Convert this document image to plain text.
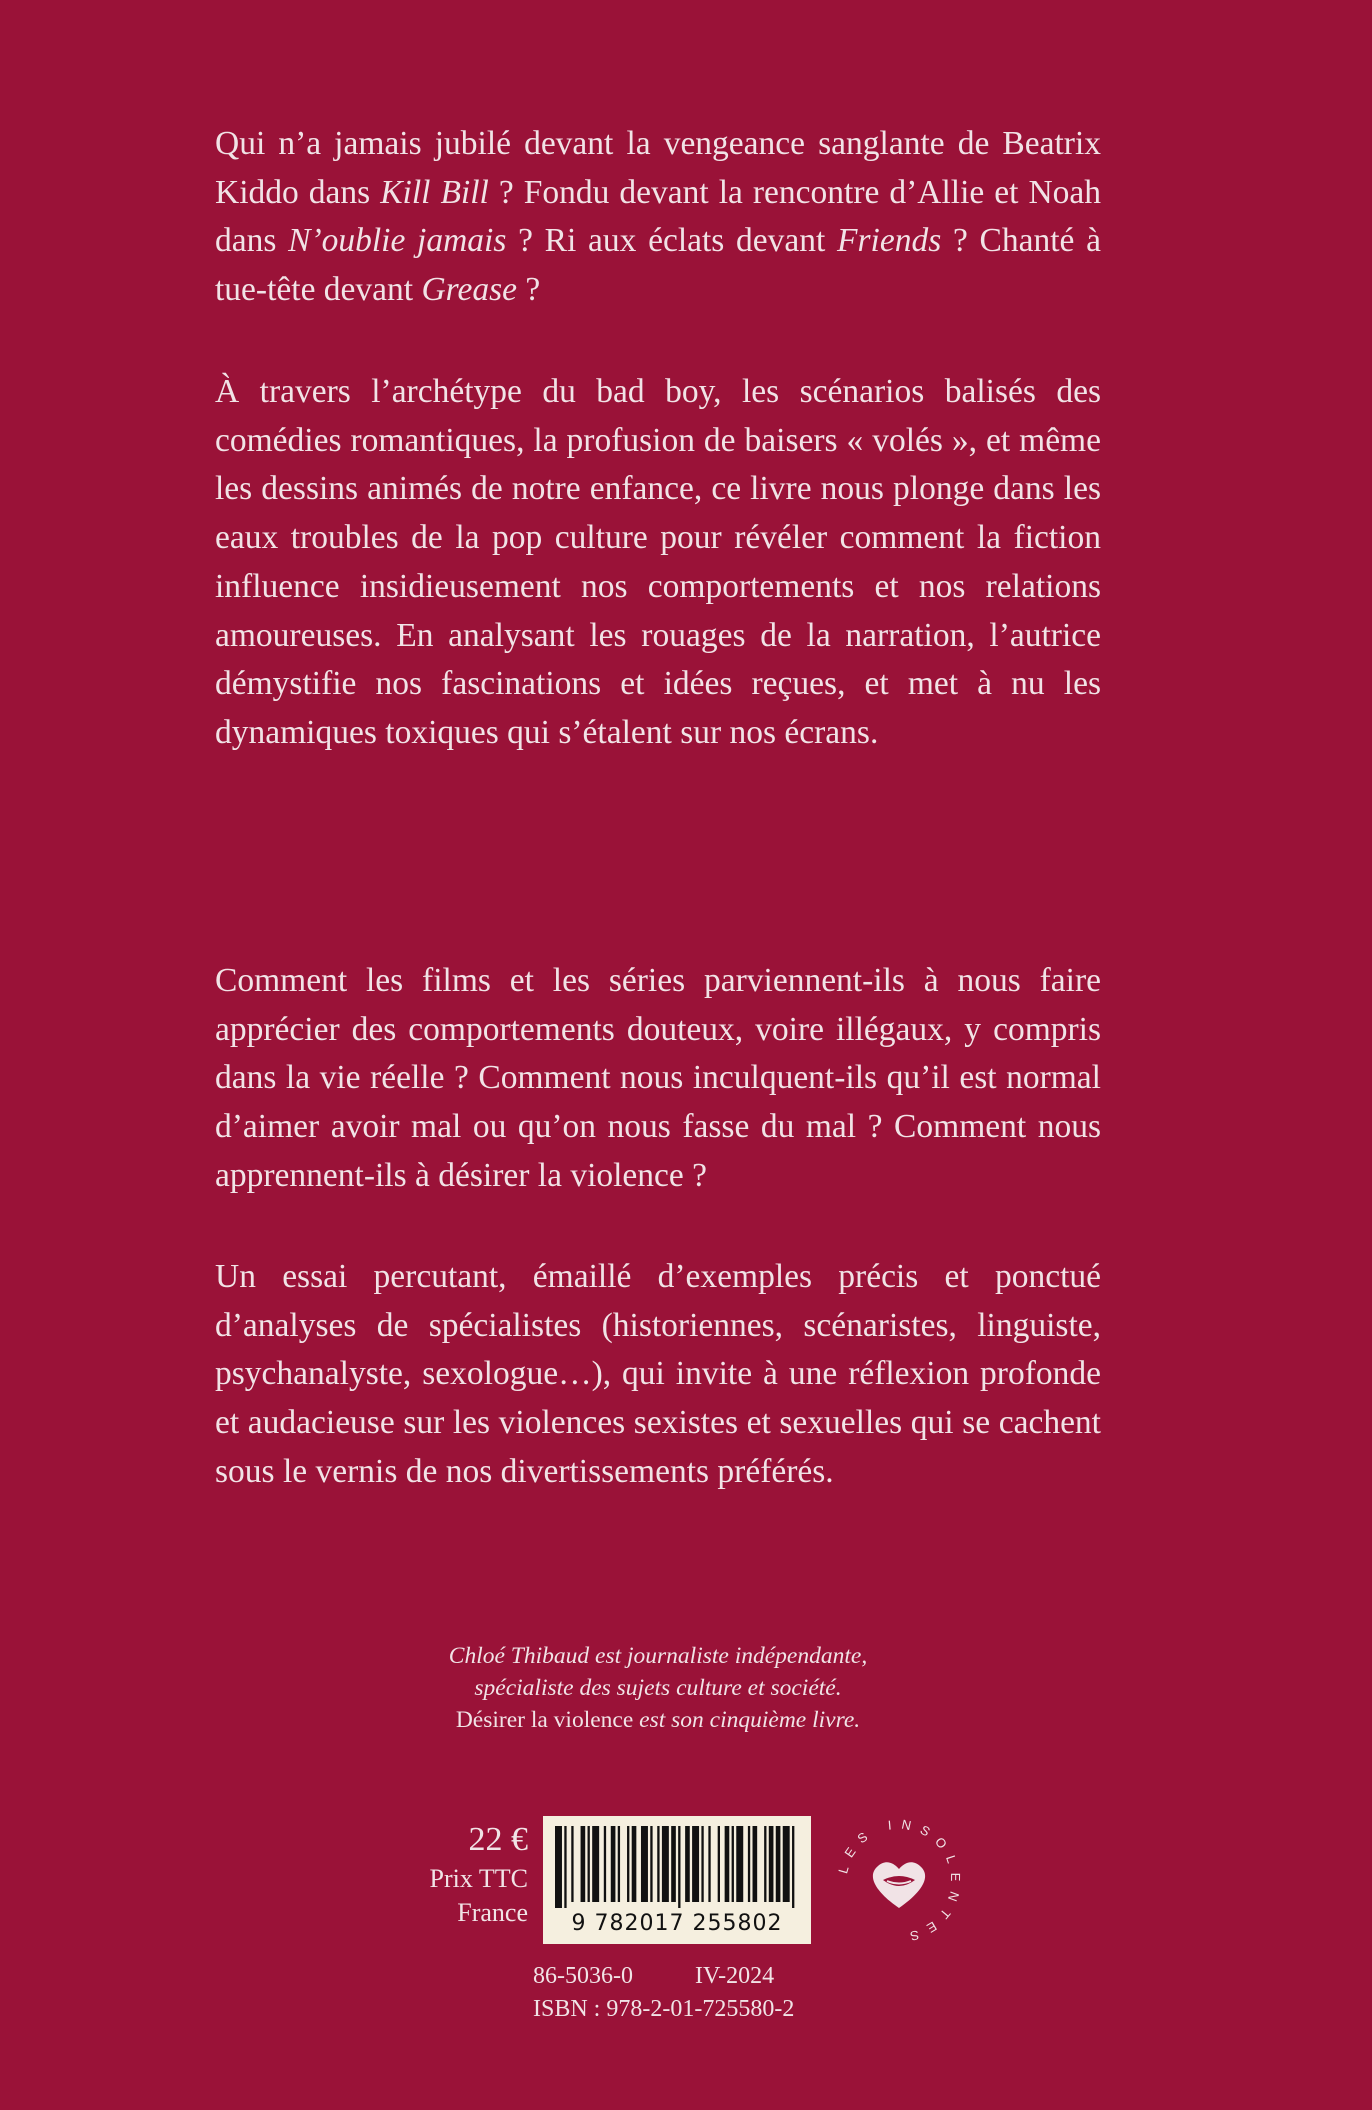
Qui n’a jamais jubilé devant la vengeance sanglante de Beatrix Kiddo dans Kill Bill ? Fondu devant la rencontre d’Allie et Noah dans N’oublie jamais ? Ri aux éclats devant Friends ? Chanté à tue-tête devant Grease ?

À travers l’archétype du bad boy, les scénarios balisés des comédies romantiques, la profusion de baisers « volés », et même les dessins animés de notre enfance, ce livre nous plonge dans les eaux troubles de la pop culture pour révéler comment la fiction influence insidieusement nos comportements et nos relations amoureuses. En analysant les rouages de la narration, l’autrice démystifie nos fascinations et idées reçues, et met à nu les dynamiques toxiques qui s’étalent sur nos écrans.

Comment les films et les séries parviennent-ils à nous faire apprécier des comportements douteux, voire illégaux, y compris dans la vie réelle ? Comment nous inculquent-ils qu’il est normal d’aimer avoir mal ou qu’on nous fasse du mal ? Comment nous apprennent-ils à désirer la violence ?

Un essai percutant, émaillé d’exemples précis et ponctué d’analyses de spécialistes (historiennes, scénaristes, linguiste, psychanalyste, sexologue…), qui invite à une réflexion profonde et audacieuse sur les violences sexistes et sexuelles qui se cachent sous le vernis de nos divertissements préférés.

Chloé Thibaud est journaliste indépendante,
spécialiste des sujets culture et société.
Désirer la violence est son cinquième livre.
22 €
Prix TTC
France	9 782017 255802
LES INSOLENTES
86-5036-0	IV-2024
ISBN : 978-2-01-725580-2
